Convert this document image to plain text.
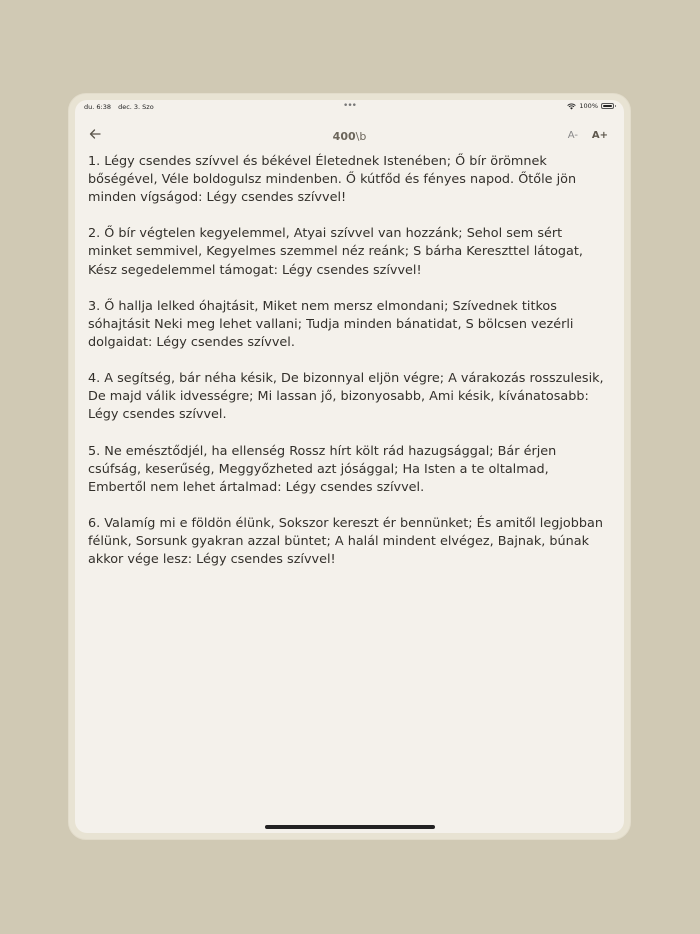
du. 6:38 dec. 3. Szo	•••	100%
400\b	A- A+

1. Légy csendes szívvel és békével Életednek Istenében; Ő bír örömnek bőségével, Véle boldogulsz mindenben. Ő kútfőd és fényes napod. Őtőle jön minden vígságod: Légy csendes szívvel!

2. Ő bír végtelen kegyelemmel, Atyai szívvel van hozzánk; Sehol sem sért minket semmivel, Kegyelmes szemmel néz reánk; S bárha Kereszttel látogat, Kész segedelemmel támogat: Légy csendes szívvel!

3. Ő hallja lelked óhajtásit, Miket nem mersz elmondani; Szívednek titkos sóhajtásit Neki meg lehet vallani; Tudja minden bánatidat, S bölcsen vezérli dolgaidat: Légy csendes szívvel.

4. A segítség, bár néha késik, De bizonnyal eljön végre; A várakozás rosszulesik, De majd válik idvességre; Mi lassan jő, bizonyosabb, Ami késik, kívánatosabb: Légy csendes szívvel.

5. Ne emésztődjél, ha ellenség Rossz hírt költ rád hazugsággal; Bár érjen csúfság, keserűség, Meggyőzheted azt jósággal; Ha Isten a te oltalmad, Embertől nem lehet ártalmad: Légy csendes szívvel.

6. Valamíg mi e földön élünk, Sokszor kereszt ér bennünket; És amitől legjobban félünk, Sorsunk gyakran azzal büntet; A halál mindent elvégez, Bajnak, búnak akkor vége lesz: Légy csendes szívvel!
